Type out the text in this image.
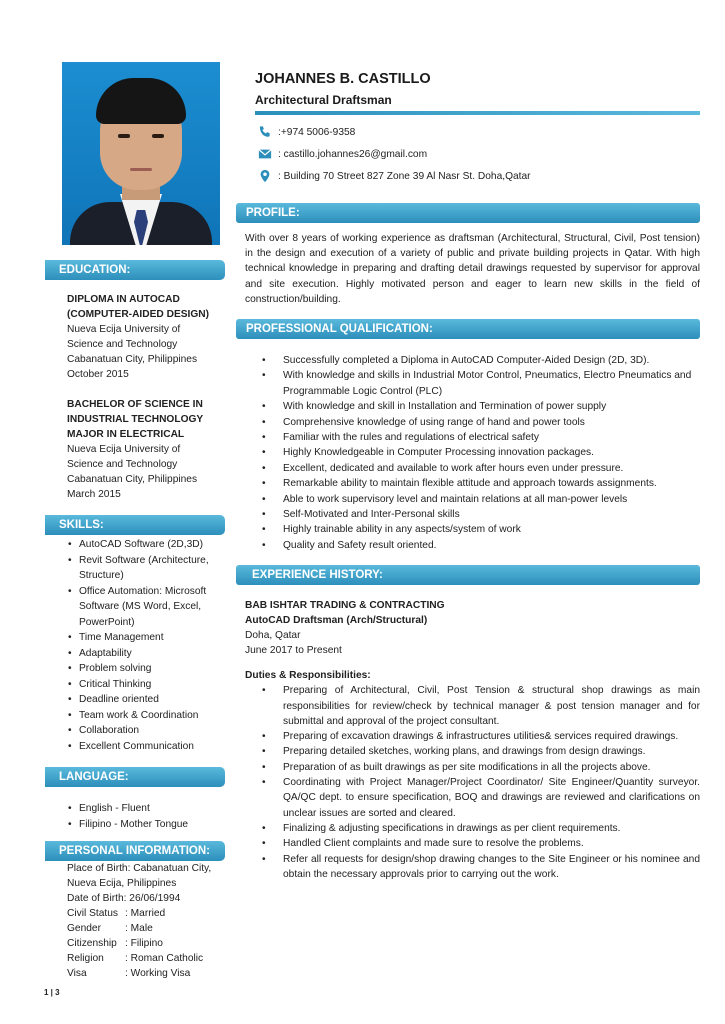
EDUCATION:
DIPLOMA IN AUTOCAD
(COMPUTER-AIDED DESIGN)
Nueva Ecija University of
Science and Technology
Cabanatuan City, Philippines
October 2015
BACHELOR OF SCIENCE IN
INDUSTRIAL TECHNOLOGY
MAJOR IN ELECTRICAL
Nueva Ecija University of
Science and Technology
Cabanatuan City, Philippines
March 2015
SKILLS:
• AutoCAD Software (2D,3D)
• Revit Software (Architecture, Structure)
• Office Automation: Microsoft Software (MS Word, Excel, PowerPoint)
• Time Management
• Adaptability
• Problem solving
• Critical Thinking
• Deadline oriented
• Team work & Coordination
• Collaboration
• Excellent Communication
LANGUAGE:
• English - Fluent
• Filipino - Mother Tongue
PERSONAL INFORMATION:
Place of Birth: Cabanatuan City,
Nueva Ecija, Philippines
Date of Birth: 26/06/1994
Civil Status : Married
Gender : Male
Citizenship : Filipino
Religion : Roman Catholic
Visa	: Working Visa
JOHANNES B. CASTILLO
Architectural Draftsman
:+974 5006-9358
: castillo.johannes26@gmail.com
: Building 70 Street 827 Zone 39 Al Nasr St. Doha,Qatar
PROFILE:

With over 8 years of working experience as draftsman (Architectural, Structural, Civil, Post tension) in the design and execution of a variety of public and private building projects in Qatar. With high technical knowledge in preparing and drafting detail drawings requested by supervisor for approval and site execution. Highly motivated person and eager to learn new skills in the field of construction/building.

PROFESSIONAL QUALIFICATION:
• Successfully completed a Diploma in AutoCAD Computer-Aided Design (2D, 3D).
• With knowledge and skills in Industrial Motor Control, Pneumatics, Electro Pneumatics and Programmable Logic Control (PLC)
• With knowledge and skill in Installation and Termination of power supply
• Comprehensive knowledge of using range of hand and power tools
• Familiar with the rules and regulations of electrical safety
• Highly Knowledgeable in Computer Processing innovation packages.
• Excellent, dedicated and available to work after hours even under pressure.
• Remarkable ability to maintain flexible attitude and approach towards assignments.
• Able to work supervisory level and maintain relations at all man-power levels
• Self-Motivated and Inter-Personal skills
• Highly trainable ability in any aspects/system of work
• Quality and Safety result oriented.
EXPERIENCE HISTORY:
BAB ISHTAR TRADING & CONTRACTING
AutoCAD Draftsman (Arch/Structural)
Doha, Qatar
June 2017 to Present
Duties & Responsibilities:
• Preparing of Architectural, Civil, Post Tension & structural shop drawings as main responsibilities for review/check by technical manager & post tension manager and for submittal and approval of the project consultant.
• Preparing of excavation drawings & infrastructures utilities& services required drawings.
• Preparing detailed sketches, working plans, and drawings from design drawings.
• Preparation of as built drawings as per site modifications in all the projects above.
• Coordinating with Project Manager/Project Coordinator/ Site Engineer/Quantity surveyor. QA/QC dept. to ensure specification, BOQ and drawings are reviewed and clarifications on unclear issues are sorted and cleared.
• Finalizing & adjusting specifications in drawings as per client requirements.
• Handled Client complaints and made sure to resolve the problems.
• Refer all requests for design/shop drawing changes to the Site Engineer or his nominee and obtain the necessary approvals prior to carrying out the work.
1 | 3
